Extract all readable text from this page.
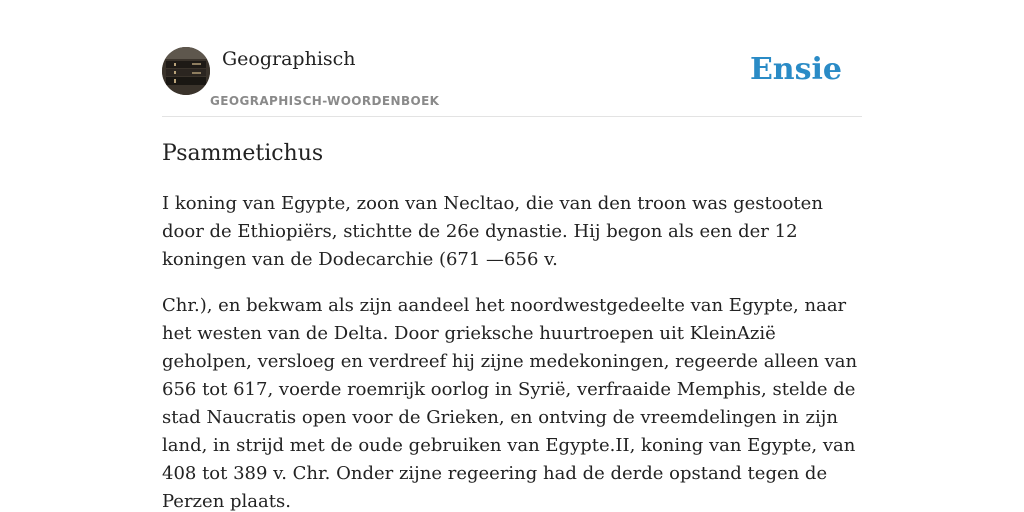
Geographisch
GEOGRAPHISCH-WOORDENBOEK
Ensie
Psammetichus

I koning van Egypte, zoon van Necltao, die van den troon was gestooten door de Ethiopiërs, stichtte de 26e dynastie. Hij begon als een der 12 koningen van de Dodecarchie (671 —656 v.

Chr.), en bekwam als zijn aandeel het noordwestgedeelte van Egypte, naar het westen van de Delta. Door grieksche huurtroepen uit KleinAzië geholpen, versloeg en verdreef hij zijne medekoningen, regeerde alleen van 656 tot 617, voerde roemrijk oorlog in Syrië, verfraaide Memphis, stelde de stad Naucratis open voor de Grieken, en ontving de vreemdelingen in zijn land, in strijd met de oude gebruiken van Egypte.II, koning van Egypte, van 408 tot 389 v. Chr. Onder zijne regeering had de derde opstand tegen de Perzen plaats.
